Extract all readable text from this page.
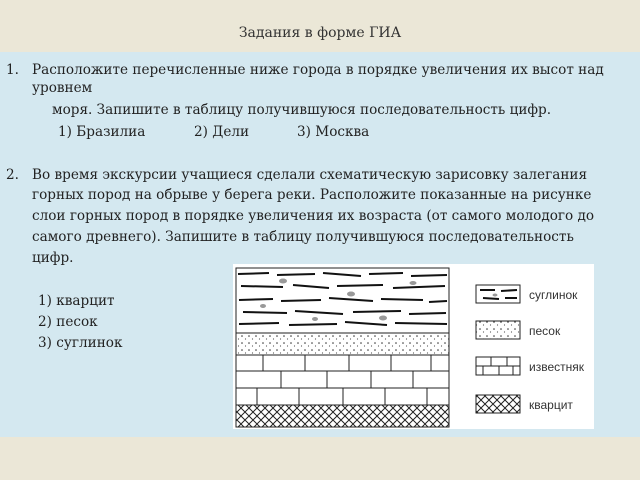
Задания в форме ГИА
1. Расположите перечисленные ниже города в порядке увеличения их высот над
уровнем
моря. Запишите в таблицу получившуюся последовательность цифр.
1) Бразилиа	2) Дели	3) Москва
2. Во время экскурсии учащиеся сделали схематическую зарисовку залегания
горных пород на обрыве у берега реки. Расположите показанные на рисунке
слои горных пород в порядке увеличения их возраста (от самого молодого до
самого древнего). Запишите в таблицу получившуюся последовательность
цифр.
1) кварцит
2) песок
3) суглинок
суглинок
песок
известняк
кварцит
